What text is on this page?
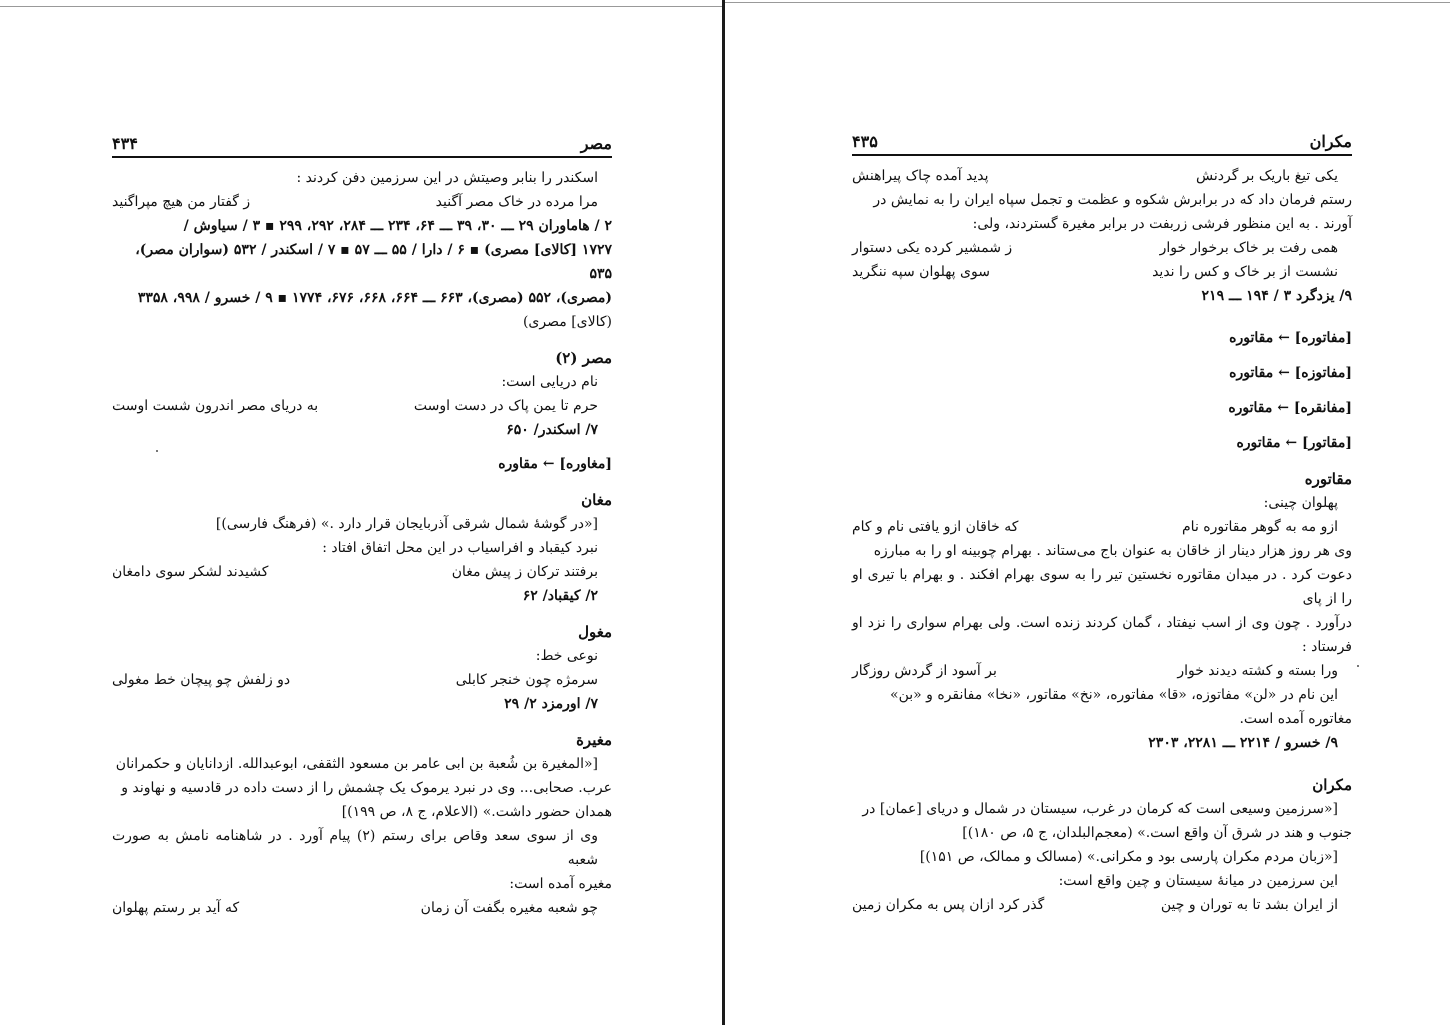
مصر
۴۳۴
اسکندر را بنابر وصیتش در این سرزمین دفن کردند :
مرا مرده در خاک مصر آگنید
ز گفتار من هیچ مپراگنید
۲ / هاماوران ۲۹ ـــ ۳۰، ۳۹ ـــ ۶۴، ۲۳۴ ـــ ۲۸۴، ۲۹۲، ۲۹۹ ▪ ۳ / سیاوش /
۱۷۲۷ [کالای] مصری) ▪ ۶ / دارا / ۵۵ ـــ ۵۷ ▪ ۷ / اسکندر / ۵۳۲ (سواران مصر)، ۵۳۵
(مصری)، ۵۵۲ (مصری)، ۶۶۳ ـــ ۶۶۴، ۶۶۸، ۶۷۶، ۱۷۷۴ ▪ ۹ / خسرو / ۹۹۸، ۳۳۵۸
(کالای] مصری)
مصر (۲)
نام دریایی است:
حرم تا یمن پاک در دست اوست
به دریای مصر اندرون شست اوست
۷/ اسکندر/ ۶۵۰
[مغاوره] ← مقاوره
مغان
[«در گوشهٔ شمال شرقی آذربایجان قرار دارد .» (فرهنگ فارسی)]
نبرد کیقباد و افراسیاب در این محل اتفاق افتاد :
برفتند ترکان ز پیش مغان
کشیدند لشکر سوی دامغان
۲/ کیقباد/ ۶۲
مغول
نوعی خط:
سرمژه چون خنجر کابلی
دو زلفش چو پیچان خط مغولی
۷/ اورمزد ۲/ ۲۹
مغیرة
[«المغیرة بن شُعبة بن ابی عامر بن مسعود الثقفی، ابوعبدالله. ازدانایان و حکمرانان
عرب. صحابی... وی در نبرد یرموک یک چشمش را از دست داده در قادسیه و نهاوند و
همدان حضور داشت.» (الاعلام، ج ۸، ص ۱۹۹)]
وی از سوی سعد وقاص برای رستم (۲) پیام آورد . در شاهنامه نامش به صورت شعبه
مغیره آمده است:
چو شعبه مغیره بگفت آن زمان
که آید بر رستم پهلوان
مکران
۴۳۵
یکی تیغ باریک بر گردنش
پدید آمده چاک پیراهنش
رستم فرمان داد که در برابرش شکوه و عظمت و تجمل سپاه ایران را به نمایش در
آورند . به این منظور فرشی زربفت در برابر مغیرة گستردند، ولی:
همی رفت بر خاک برخوار خوار
ز شمشیر کرده یکی دستوار
نشست از بر خاک و کس را ندید
سوی پهلوان سپه ننگرید
۹/ یزدگرد ۳ / ۱۹۴ ـــ ۲۱۹
[مفاتوره] ← مقاتوره
[مفاتوزه] ← مقاتوره
[مفانقره] ← مقاتوره
[مقاتور] ← مقاتوره
مقاتوره
پهلوان چینی:
ازو مه به گوهر مقاتوره نام
که خاقان ازو یافتی نام و کام
وی هر روز هزار دینار از خاقان به عنوان باج می‌ستاند . بهرام چوبینه او را به مبارزه
دعوت کرد . در میدان مقاتوره نخستین تیر را به سوی بهرام افکند . و بهرام با تیری او را از پای
درآورد . چون وی از اسب نیفتاد ، گمان کردند زنده است. ولی بهرام سواری را نزد او فرستاد :
ورا بسته و کشته دیدند خوار
بر آسود از گردش روزگار
این نام در «لن» مفاتوزه، «قا» مفاتوره، «نخ» مقاتور، «نخا» مفانقره و «بن»
مغاتوره آمده است.
۹/ خسرو / ۲۲۱۴ ـــ ۲۲۸۱، ۲۳۰۳
مکران
[«سرزمین وسیعی است که کرمان در غرب، سیستان در شمال و دریای [عمان] در
جنوب و هند در شرق آن واقع است.» (معجم‌البلدان، ج ۵، ص ۱۸۰)]
[«زبان مردم مکران پارسی بود و مکرانی.» (مسالک و ممالک، ص ۱۵۱)]
این سرزمین در میانهٔ سیستان و چین واقع است:
از ایران بشد تا به توران و چین
گذر کرد ازان پس به مکران زمین
